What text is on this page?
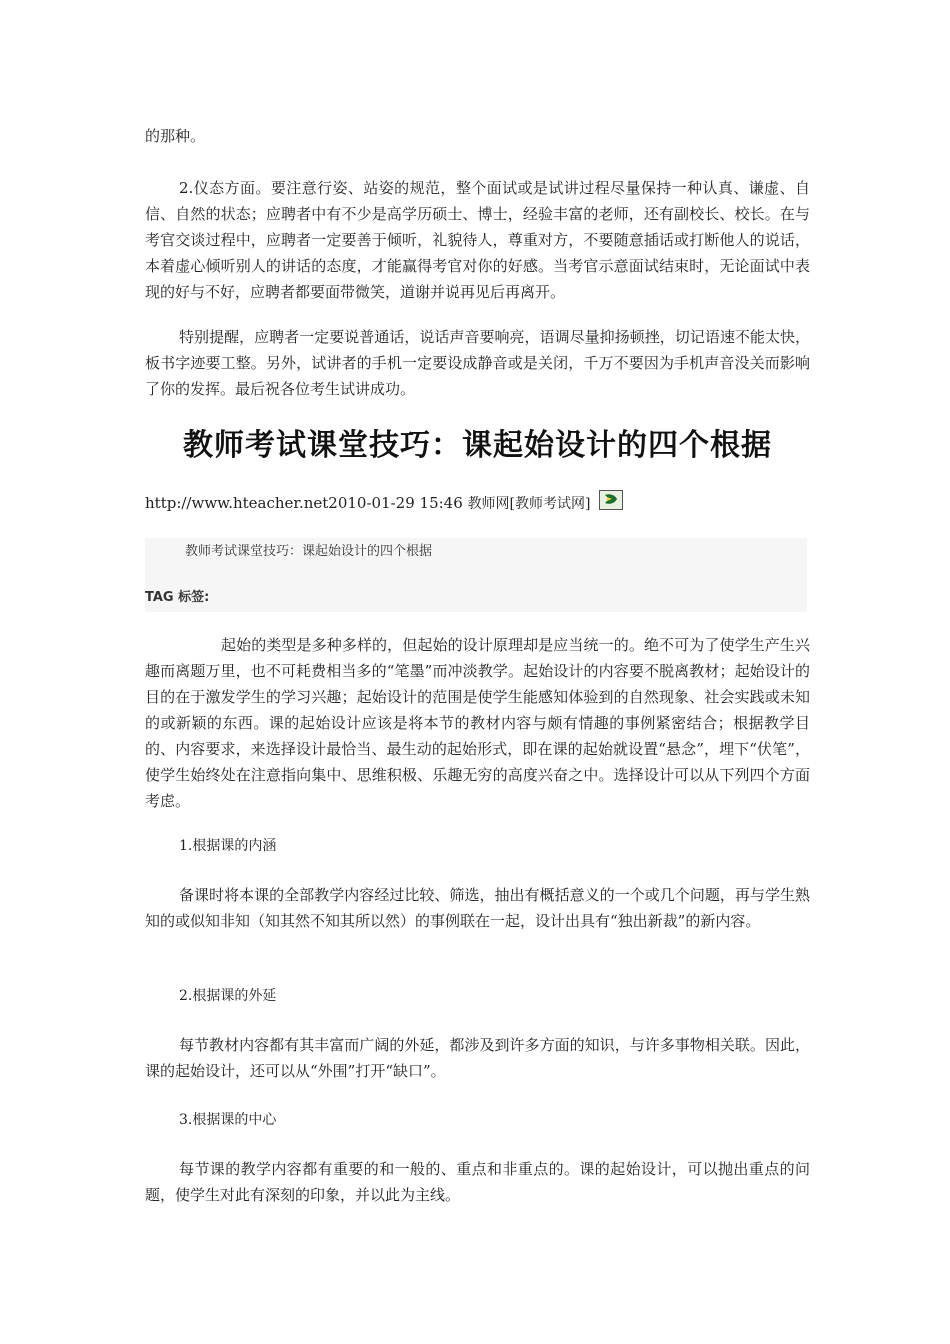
的那种。

2.仪态方面。要注意行姿、站姿的规范，整个面试或是试讲过程尽量保持一种认真、谦虚、自信、自然的状态；应聘者中有不少是高学历硕士、博士，经验丰富的老师，还有副校长、校长。在与考官交谈过程中，应聘者一定要善于倾听，礼貌待人，尊重对方，不要随意插话或打断他人的说话，本着虚心倾听别人的讲话的态度，才能赢得考官对你的好感。当考官示意面试结束时，无论面试中表现的好与不好，应聘者都要面带微笑，道谢并说再见后再离开。

特别提醒，应聘者一定要说普通话，说话声音要响亮，语调尽量抑扬顿挫，切记语速不能太快，板书字迹要工整。另外，试讲者的手机一定要设成静音或是关闭，千万不要因为手机声音没关而影响了你的发挥。最后祝各位考生试讲成功。

教师考试课堂技巧：课起始设计的四个根据
http://www.hteacher.net2010-01-29 15:46 教师网[教师考试网]
教师考试课堂技巧：课起始设计的四个根据
TAG 标签:

起始的类型是多种多样的，但起始的设计原理却是应当统一的。绝不可为了使学生产生兴趣而离题万里，也不可耗费相当多的“笔墨”而冲淡教学。起始设计的内容要不脱离教材；起始设计的目的在于激发学生的学习兴趣；起始设计的范围是使学生能感知体验到的自然现象、社会实践或未知的或新颖的东西。课的起始设计应该是将本节的教材内容与颇有情趣的事例紧密结合；根据教学目的、内容要求，来选择设计最恰当、最生动的起始形式，即在课的起始就设置“悬念”，埋下“伏笔”，使学生始终处在注意指向集中、思维积极、乐趣无穷的高度兴奋之中。选择设计可以从下列四个方面考虑。

1.根据课的内涵

备课时将本课的全部教学内容经过比较、筛选，抽出有概括意义的一个或几个问题，再与学生熟知的或似知非知（知其然不知其所以然）的事例联在一起，设计出具有“独出新裁”的新内容。

2.根据课的外延

每节教材内容都有其丰富而广阔的外延，都涉及到许多方面的知识，与许多事物相关联。因此，课的起始设计，还可以从“外围”打开“缺口”。

3.根据课的中心

每节课的教学内容都有重要的和一般的、重点和非重点的。课的起始设计，可以抛出重点的问题，使学生对此有深刻的印象，并以此为主线。
